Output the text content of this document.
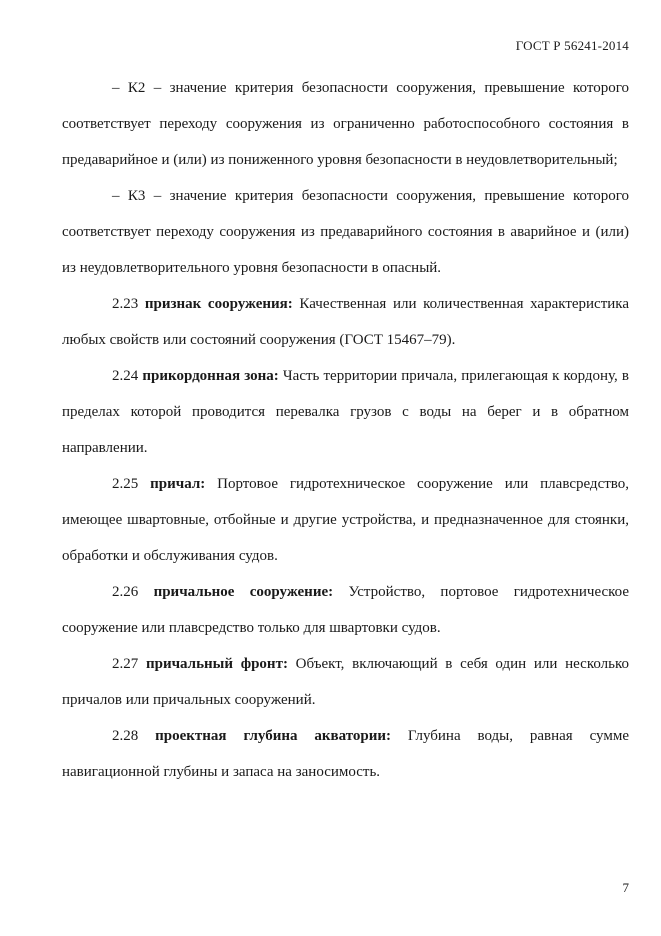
ГОСТ Р 56241-2014

– К2 – значение критерия безопасности сооружения, превышение которого соответствует переходу сооружения из ограниченно работоспособного состояния в предаварийное и (или) из пониженного уровня безопасности в неудовлетворительный;

– К3 – значение критерия безопасности сооружения, превышение которого соответствует переходу сооружения из предаварийного состояния в аварийное и (или) из неудовлетворительного уровня безопасности в опасный.

2.23 признак сооружения: Качественная или количественная характеристика любых свойств или состояний сооружения (ГОСТ 15467–79).

2.24 прикордонная зона: Часть территории причала, прилегающая к кордону, в пределах которой проводится перевалка грузов с воды на берег и в обратном направлении.

2.25 причал: Портовое гидротехническое сооружение или плавсредство, имеющее швартовные, отбойные и другие устройства, и предназначенное для стоянки, обработки и обслуживания судов.

2.26 причальное сооружение: Устройство, портовое гидротехническое сооружение или плавсредство только для швартовки судов.

2.27 причальный фронт: Объект, включающий в себя один или несколько причалов или причальных сооружений.

2.28 проектная глубина акватории: Глубина воды, равная сумме навигационной глубины и запаса на заносимость.

7
